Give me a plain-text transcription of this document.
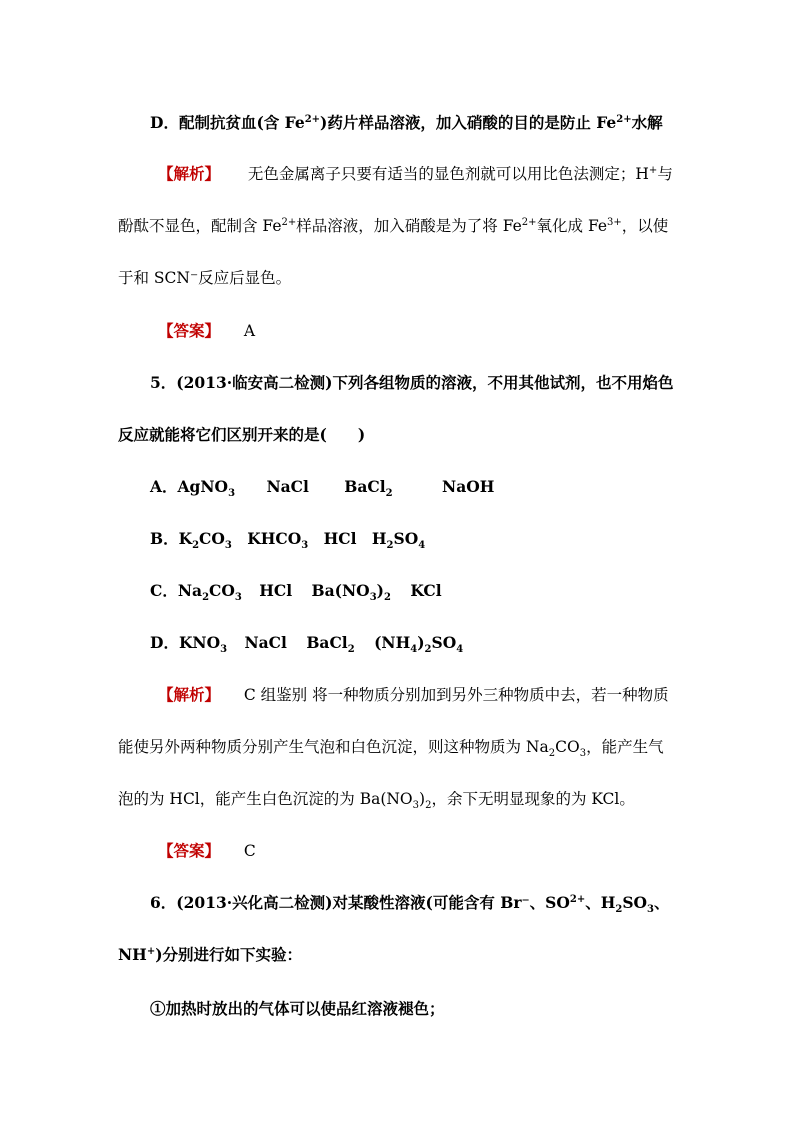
D．配制抗贫血(含 $Fe^{2+}$)药片样品溶液，加入硝酸的目的是防止 $Fe^{2+}$水解
【解析】 无色金属离子只要有适当的显色剂就可以用比色法测定；H+与
酚酞不显色，配制含 $Fe^{2+}$样品溶液，加入硝酸是为了将 $Fe^{2+}$氧化成 $Fe^{3+}$，以使
于和 SCN⁻反应后显色。
【答案】 A
5．(2013·临安高二检测)下列各组物质的溶液，不用其他试剂，也不用焰色
反应就能将它们区别开来的是(　　)
A．AgNO$_3$ NaCl BaCl$_2$	NaOH
B．$K_2CO_3$ $KHCO_3$ HCl $H_2SO_4$
C．$Na_2CO_3$ HCl $Ba(NO_3)_2$ KCl
D．$KNO_3$ NaCl BaCl$_2$ $(NH_4)_2SO_4$
【解析】 C 组鉴别 将一种物质分别加到另外三种物质中去，若一种物质
能使另外两种物质分别产生气泡和白色沉淀，则这种物质为 $Na_2CO_3$，能产生气
泡的为 HCl，能产生白色沉淀的为 $Ba(NO_3)_2$，余下无明显现象的为 KCl。
【答案】 C
6．(2013·兴化高二检测)对某酸性溶液(可能含有 Br⁻、$SO^{2+}$、$H_2SO_3$、
NH+)分别进行如下实验：
①加热时放出的气体可以使品红溶液褪色；
